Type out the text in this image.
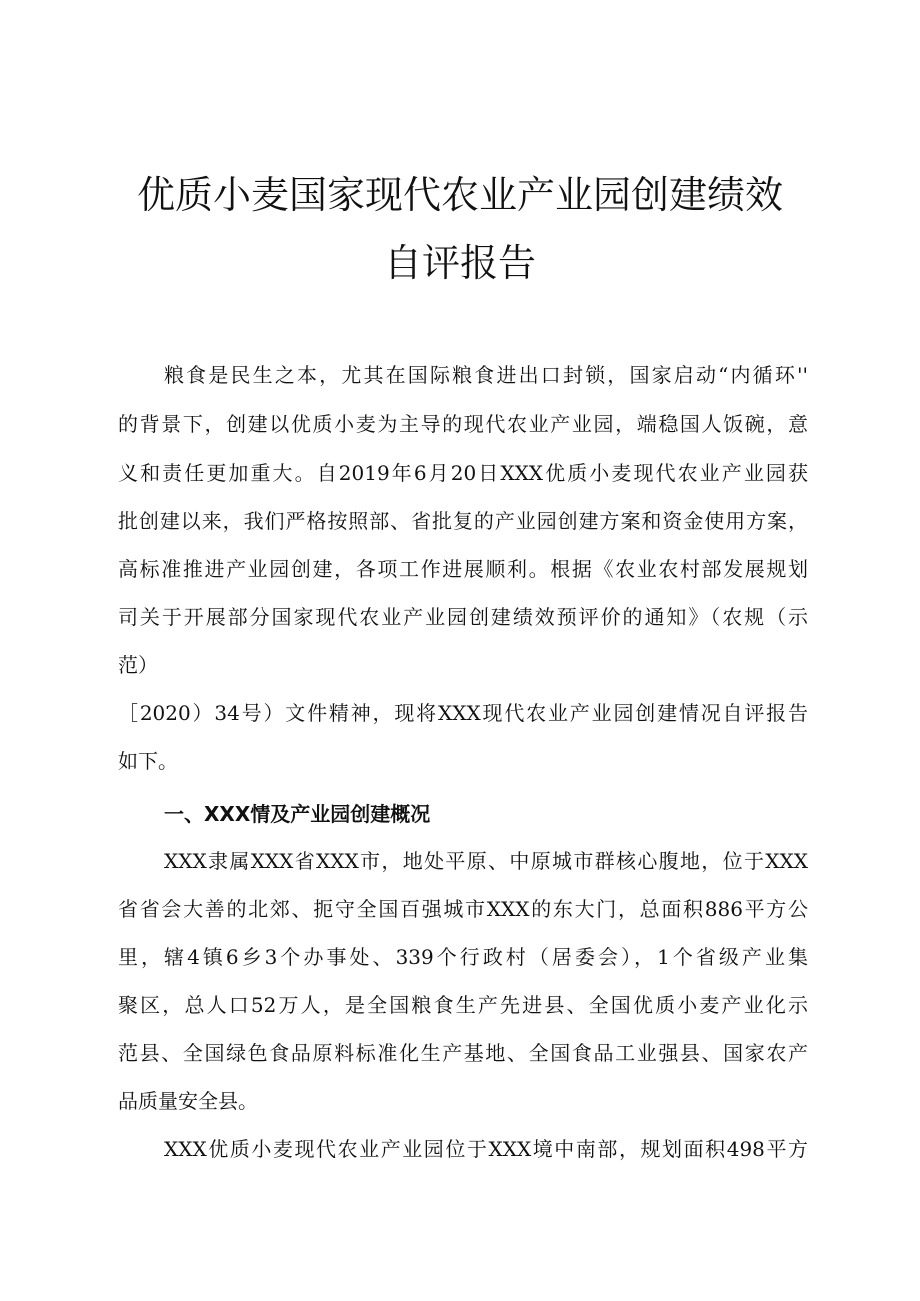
优质小麦国家现代农业产业园创建绩效
自评报告
粮食是民生之本，尤其在国际粮食进出口封锁，国家启动“内循环''
的背景下，创建以优质小麦为主导的现代农业产业园，端稳国人饭碗，意
义和责任更加重大。自2019年6月20日XXX优质小麦现代农业产业园获
批创建以来，我们严格按照部、省批复的产业园创建方案和资金使用方案，
高标准推进产业园创建，各项工作进展顺利。根据《农业农村部发展规划
司关于开展部分国家现代农业产业园创建绩效预评价的通知》（农规（示
范）
［2020）34号）文件精神，现将XXX现代农业产业园创建情况自评报告
如下。
一、XXX情及产业园创建概况
XXX隶属XXX省XXX市，地处平原、中原城市群核心腹地，位于XXX
省省会大善的北郊、扼守全国百强城市XXX的东大门，总面积886平方公
里，辖4镇6乡3个办事处、339个行政村（居委会），1个省级产业集
聚区，总人口52万人，是全国粮食生产先进县、全国优质小麦产业化示
范县、全国绿色食品原料标准化生产基地、全国食品工业强县、国家农产
品质量安全县。
XXX优质小麦现代农业产业园位于XXX境中南部，规划面积498平方
